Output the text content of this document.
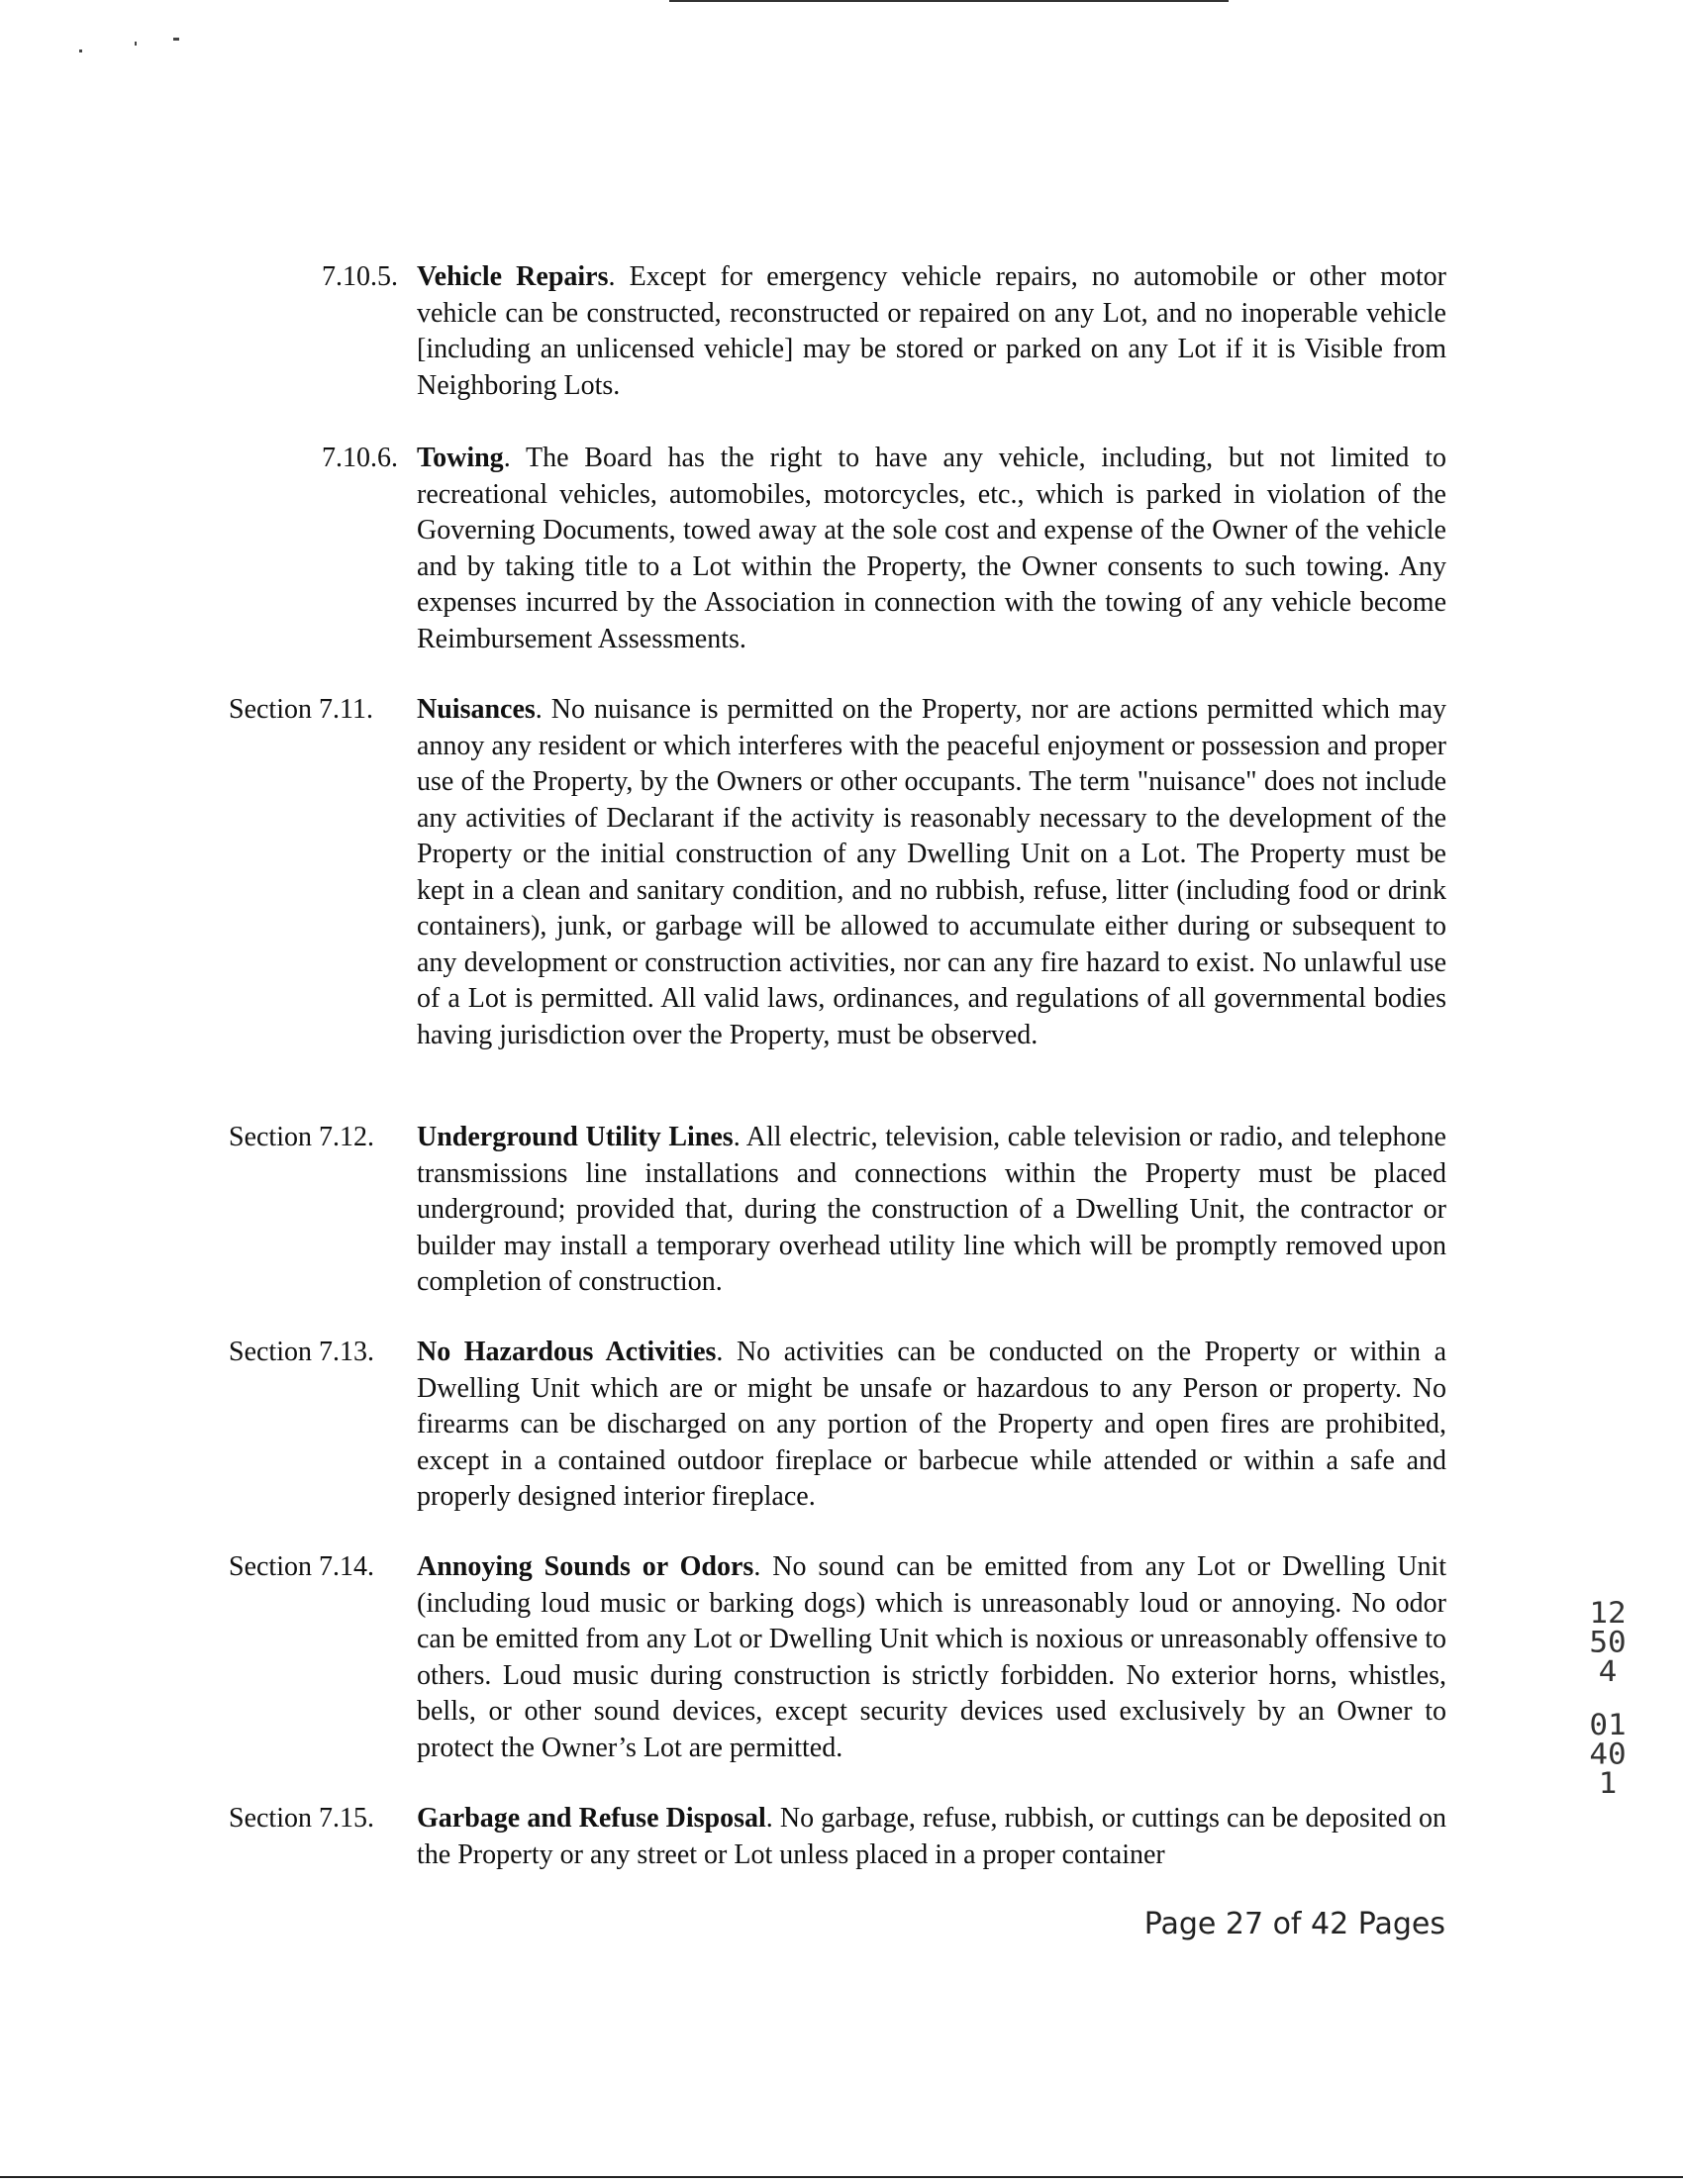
7.10.5. Vehicle Repairs. Except for emergency vehicle repairs, no automobile or other motor vehicle can be constructed, reconstructed or repaired on any Lot, and no inoperable vehicle [including an unlicensed vehicle] may be stored or parked on any Lot if it is Visible from Neighboring Lots.
7.10.6. Towing. The Board has the right to have any vehicle, including, but not limited to recreational vehicles, automobiles, motorcycles, etc., which is parked in violation of the Governing Documents, towed away at the sole cost and expense of the Owner of the vehicle and by taking title to a Lot within the Property, the Owner consents to such towing. Any expenses incurred by the Association in connection with the towing of any vehicle become Reimbursement Assessments.
Section 7.11. Nuisances. No nuisance is permitted on the Property, nor are actions permitted which may annoy any resident or which interferes with the peaceful enjoyment or possession and proper use of the Property, by the Owners or other occupants. The term "nuisance" does not include any activities of Declarant if the activity is reasonably necessary to the development of the Property or the initial construction of any Dwelling Unit on a Lot. The Property must be kept in a clean and sanitary condition, and no rubbish, refuse, litter (including food or drink containers), junk, or garbage will be allowed to accumulate either during or subsequent to any development or construction activities, nor can any fire hazard to exist. No unlawful use of a Lot is permitted. All valid laws, ordinances, and regulations of all governmental bodies having jurisdiction over the Property, must be observed.
Section 7.12. Underground Utility Lines. All electric, television, cable television or radio, and telephone transmissions line installations and connections within the Property must be placed underground; provided that, during the construction of a Dwelling Unit, the contractor or builder may install a temporary overhead utility line which will be promptly removed upon completion of construction.
Section 7.13. No Hazardous Activities. No activities can be conducted on the Property or within a Dwelling Unit which are or might be unsafe or hazardous to any Person or property. No firearms can be discharged on any portion of the Property and open fires are prohibited, except in a contained outdoor fireplace or barbecue while attended or within a safe and properly designed interior fireplace.
Section 7.14. Annoying Sounds or Odors. No sound can be emitted from any Lot or Dwelling Unit (including loud music or barking dogs) which is unreasonably loud or annoying. No odor can be emitted from any Lot or Dwelling Unit which is noxious or unreasonably offensive to others. Loud music during construction is strictly forbidden. No exterior horns, whistles, bells, or other sound devices, except security devices used exclusively by an Owner to protect the Owner’s Lot are permitted.
Section 7.15. Garbage and Refuse Disposal. No garbage, refuse, rubbish, or cuttings can be deposited on the Property or any street or Lot unless placed in a proper container
Page 27 of 42 Pages
12504
01401
